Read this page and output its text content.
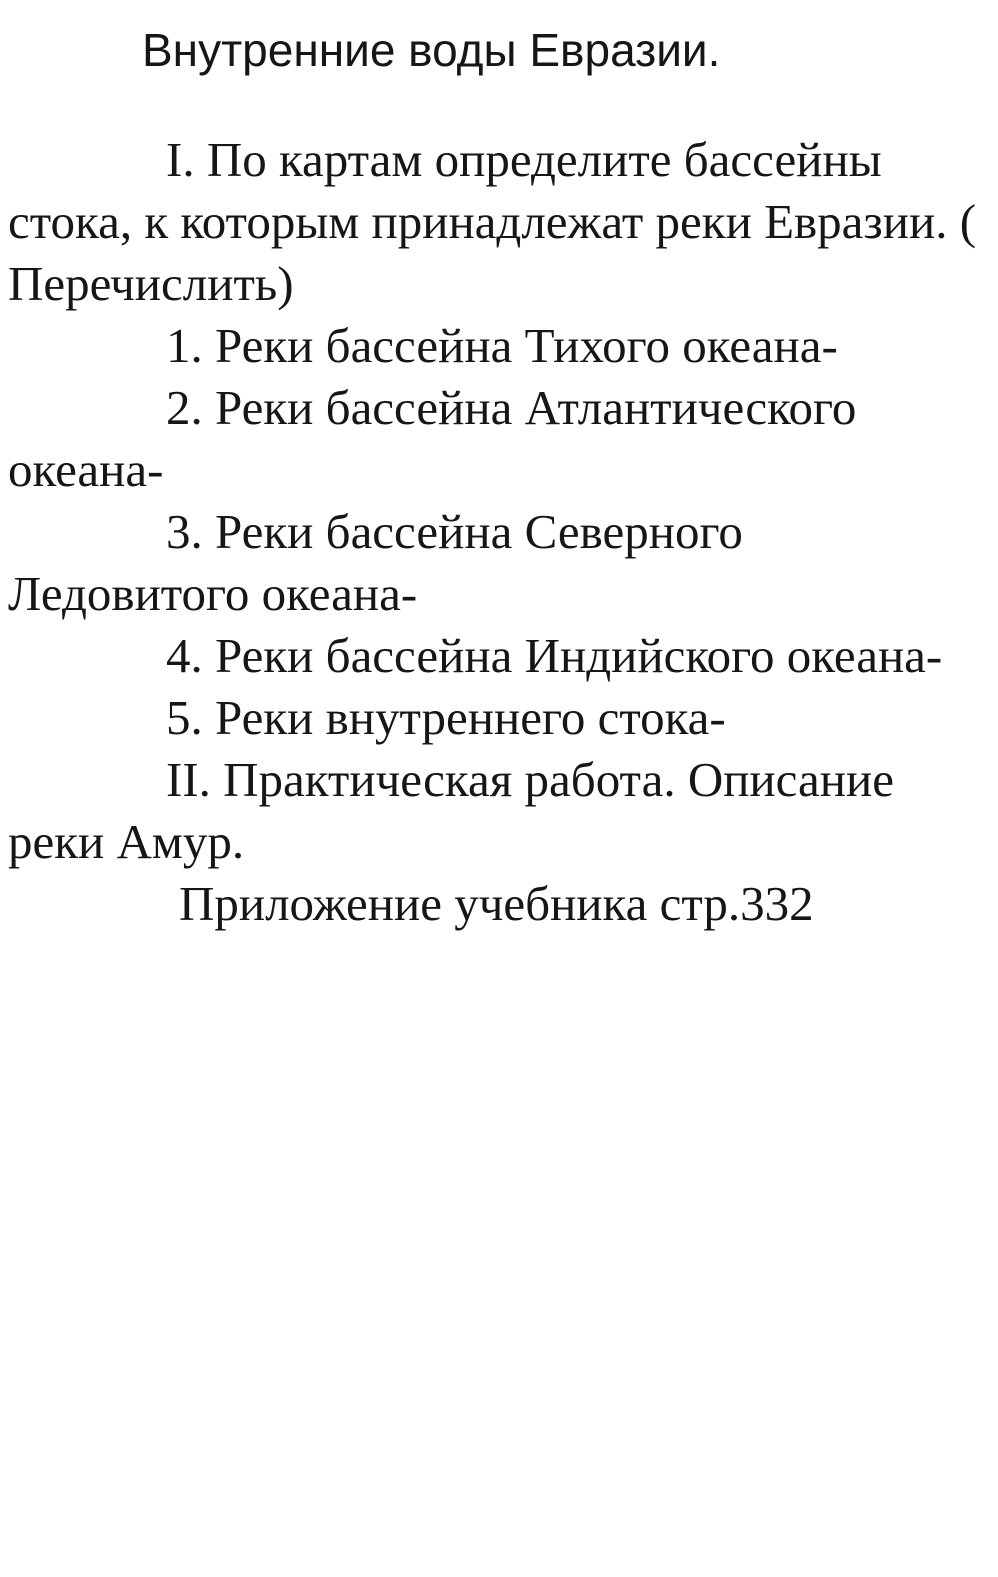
Внутренние воды Евразии.

I. По картам определите бассейны стока, к которым принадлежат реки Евразии. ( Перечислить)

1. Реки бассейна Тихого океана-

2. Реки бассейна Атлантического океана-

3. Реки бассейна Северного Ледовитого океана-

4. Реки бассейна Индийского океана-

5. Реки внутреннего стока-

II. Практическая работа. Описание реки Амур.

Приложение учебника стр.332
